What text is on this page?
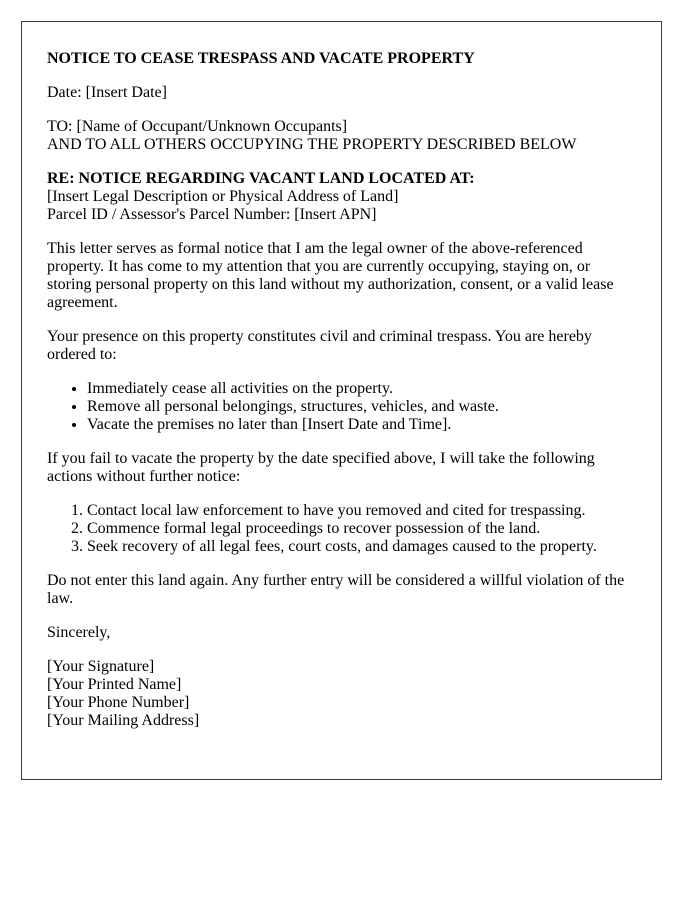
NOTICE TO CEASE TRESPASS AND VACATE PROPERTY

Date: [Insert Date]

TO: [Name of Occupant/Unknown Occupants]
AND TO ALL OTHERS OCCUPYING THE PROPERTY DESCRIBED BELOW

RE: NOTICE REGARDING VACANT LAND LOCATED AT:
[Insert Legal Description or Physical Address of Land]
Parcel ID / Assessor's Parcel Number: [Insert APN]

This letter serves as formal notice that I am the legal owner of the above-referenced property. It has come to my attention that you are currently occupying, staying on, or storing personal property on this land without my authorization, consent, or a valid lease agreement.

Your presence on this property constitutes civil and criminal trespass. You are hereby ordered to:

• Immediately cease all activities on the property.
• Remove all personal belongings, structures, vehicles, and waste.
• Vacate the premises no later than [Insert Date and Time].

If you fail to vacate the property by the date specified above, I will take the following actions without further notice:

1. Contact local law enforcement to have you removed and cited for trespassing.
2. Commence formal legal proceedings to recover possession of the land.
3. Seek recovery of all legal fees, court costs, and damages caused to the property.

Do not enter this land again. Any further entry will be considered a willful violation of the law.

Sincerely,

[Your Signature]
[Your Printed Name]
[Your Phone Number]
[Your Mailing Address]
